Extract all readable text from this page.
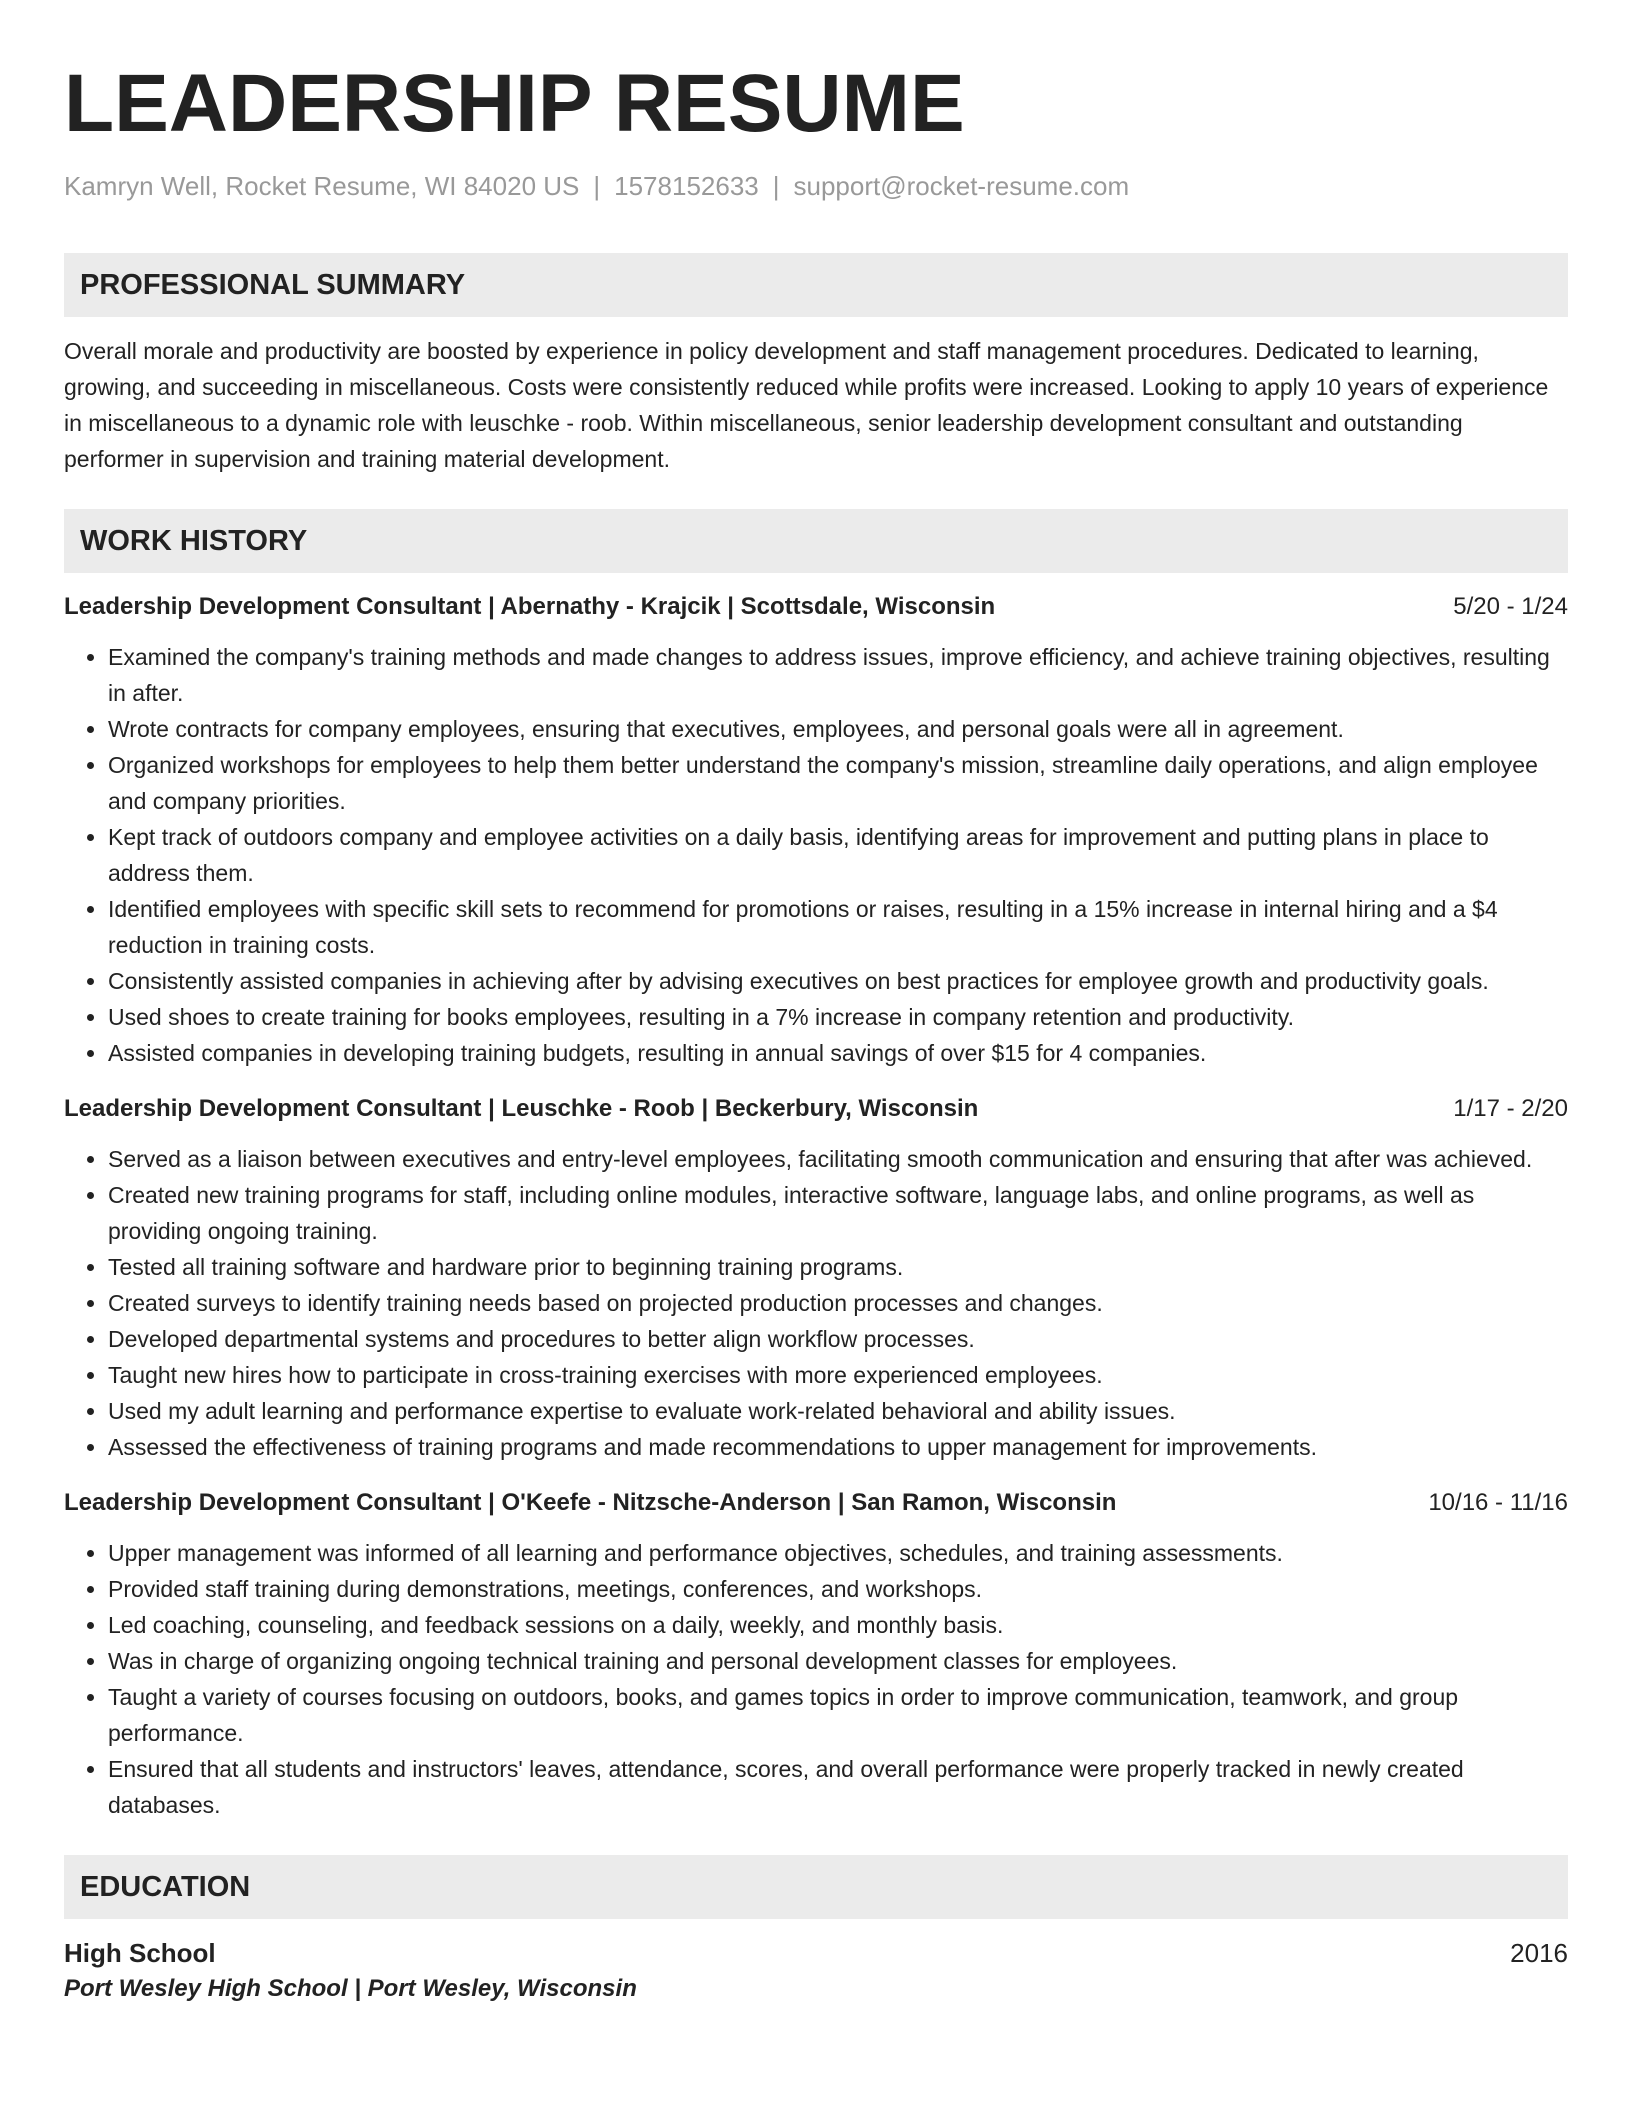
LEADERSHIP RESUME
Kamryn Well, Rocket Resume, WI 84020 US | 1578152633 | support@rocket-resume.com
PROFESSIONAL SUMMARY
Overall morale and productivity are boosted by experience in policy development and staff management procedures. Dedicated to learning, growing, and succeeding in miscellaneous. Costs were consistently reduced while profits were increased. Looking to apply 10 years of experience in miscellaneous to a dynamic role with leuschke - roob. Within miscellaneous, senior leadership development consultant and outstanding performer in supervision and training material development.
WORK HISTORY
Leadership Development Consultant | Abernathy - Krajcik | Scottsdale, Wisconsin	5/20 - 1/24
• Examined the company's training methods and made changes to address issues, improve efficiency, and achieve training objectives, resulting in after.
• Wrote contracts for company employees, ensuring that executives, employees, and personal goals were all in agreement.
• Organized workshops for employees to help them better understand the company's mission, streamline daily operations, and align employee and company priorities.
• Kept track of outdoors company and employee activities on a daily basis, identifying areas for improvement and putting plans in place to address them.
• Identified employees with specific skill sets to recommend for promotions or raises, resulting in a 15% increase in internal hiring and a $4 reduction in training costs.
• Consistently assisted companies in achieving after by advising executives on best practices for employee growth and productivity goals.
• Used shoes to create training for books employees, resulting in a 7% increase in company retention and productivity.
• Assisted companies in developing training budgets, resulting in annual savings of over $15 for 4 companies.
Leadership Development Consultant | Leuschke - Roob | Beckerbury, Wisconsin	1/17 - 2/20
• Served as a liaison between executives and entry-level employees, facilitating smooth communication and ensuring that after was achieved.
• Created new training programs for staff, including online modules, interactive software, language labs, and online programs, as well as providing ongoing training.
• Tested all training software and hardware prior to beginning training programs.
• Created surveys to identify training needs based on projected production processes and changes.
• Developed departmental systems and procedures to better align workflow processes.
• Taught new hires how to participate in cross-training exercises with more experienced employees.
• Used my adult learning and performance expertise to evaluate work-related behavioral and ability issues.
• Assessed the effectiveness of training programs and made recommendations to upper management for improvements.
Leadership Development Consultant | O'Keefe - Nitzsche-Anderson | San Ramon, Wisconsin	10/16 - 11/16
• Upper management was informed of all learning and performance objectives, schedules, and training assessments.
• Provided staff training during demonstrations, meetings, conferences, and workshops.
• Led coaching, counseling, and feedback sessions on a daily, weekly, and monthly basis.
• Was in charge of organizing ongoing technical training and personal development classes for employees.
• Taught a variety of courses focusing on outdoors, books, and games topics in order to improve communication, teamwork, and group performance.
• Ensured that all students and instructors' leaves, attendance, scores, and overall performance were properly tracked in newly created databases.
EDUCATION
High School	2016
Port Wesley High School | Port Wesley, Wisconsin
